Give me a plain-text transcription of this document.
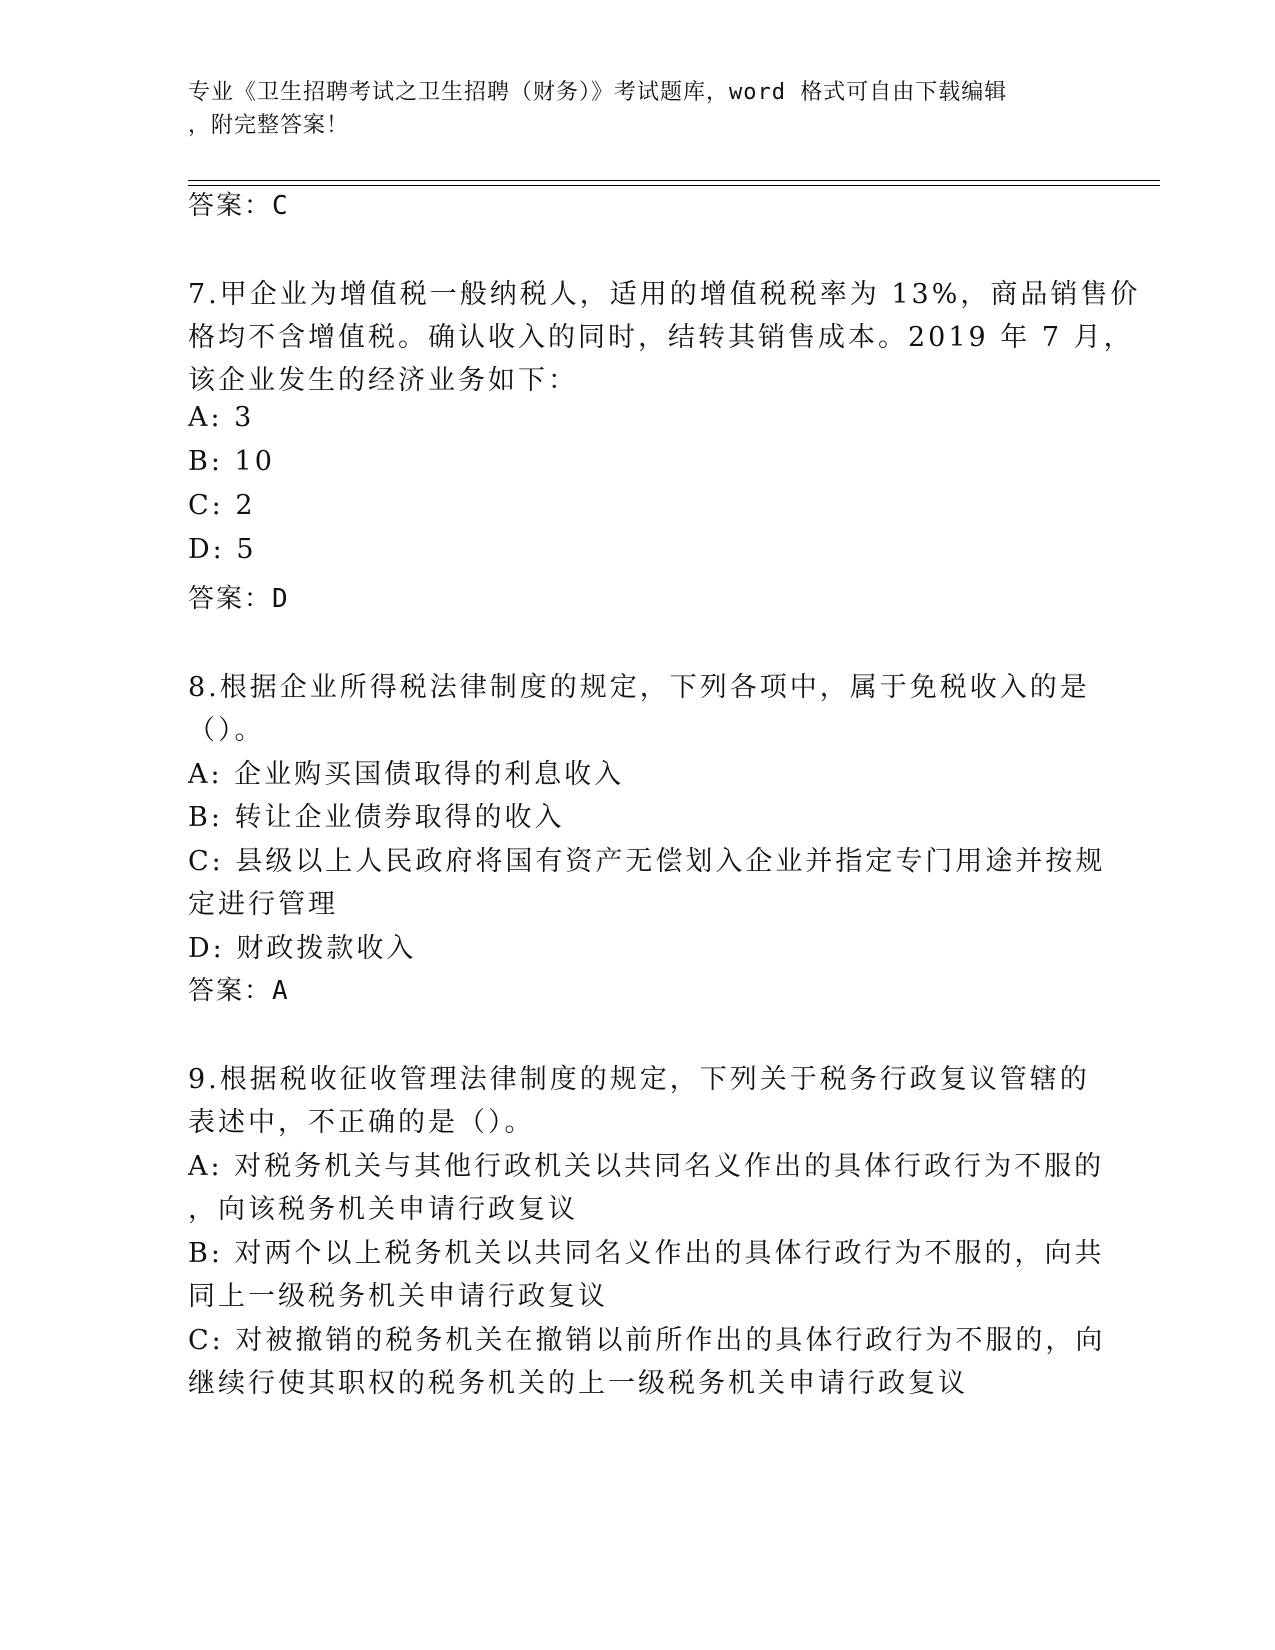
专业《卫生招聘考试之卫生招聘（财务）》考试题库，word 格式可自由下载编辑
，附完整答案！
答案：C
7.甲企业为增值税一般纳税人，适用的增值税税率为 13%，商品销售价
格均不含增值税。确认收入的同时，结转其销售成本。2019 年 7 月，
该企业发生的经济业务如下：
A: 3
B: 10
C: 2
D: 5
答案：D
8.根据企业所得税法律制度的规定，下列各项中，属于免税收入的是
（）。
A: 企业购买国债取得的利息收入
B: 转让企业债券取得的收入
C: 县级以上人民政府将国有资产无偿划入企业并指定专门用途并按规
定进行管理
D: 财政拨款收入
答案：A
9.根据税收征收管理法律制度的规定，下列关于税务行政复议管辖的
表述中，不正确的是（）。
A: 对税务机关与其他行政机关以共同名义作出的具体行政行为不服的
，向该税务机关申请行政复议
B: 对两个以上税务机关以共同名义作出的具体行政行为不服的，向共
同上一级税务机关申请行政复议
C: 对被撤销的税务机关在撤销以前所作出的具体行政行为不服的，向
继续行使其职权的税务机关的上一级税务机关申请行政复议
